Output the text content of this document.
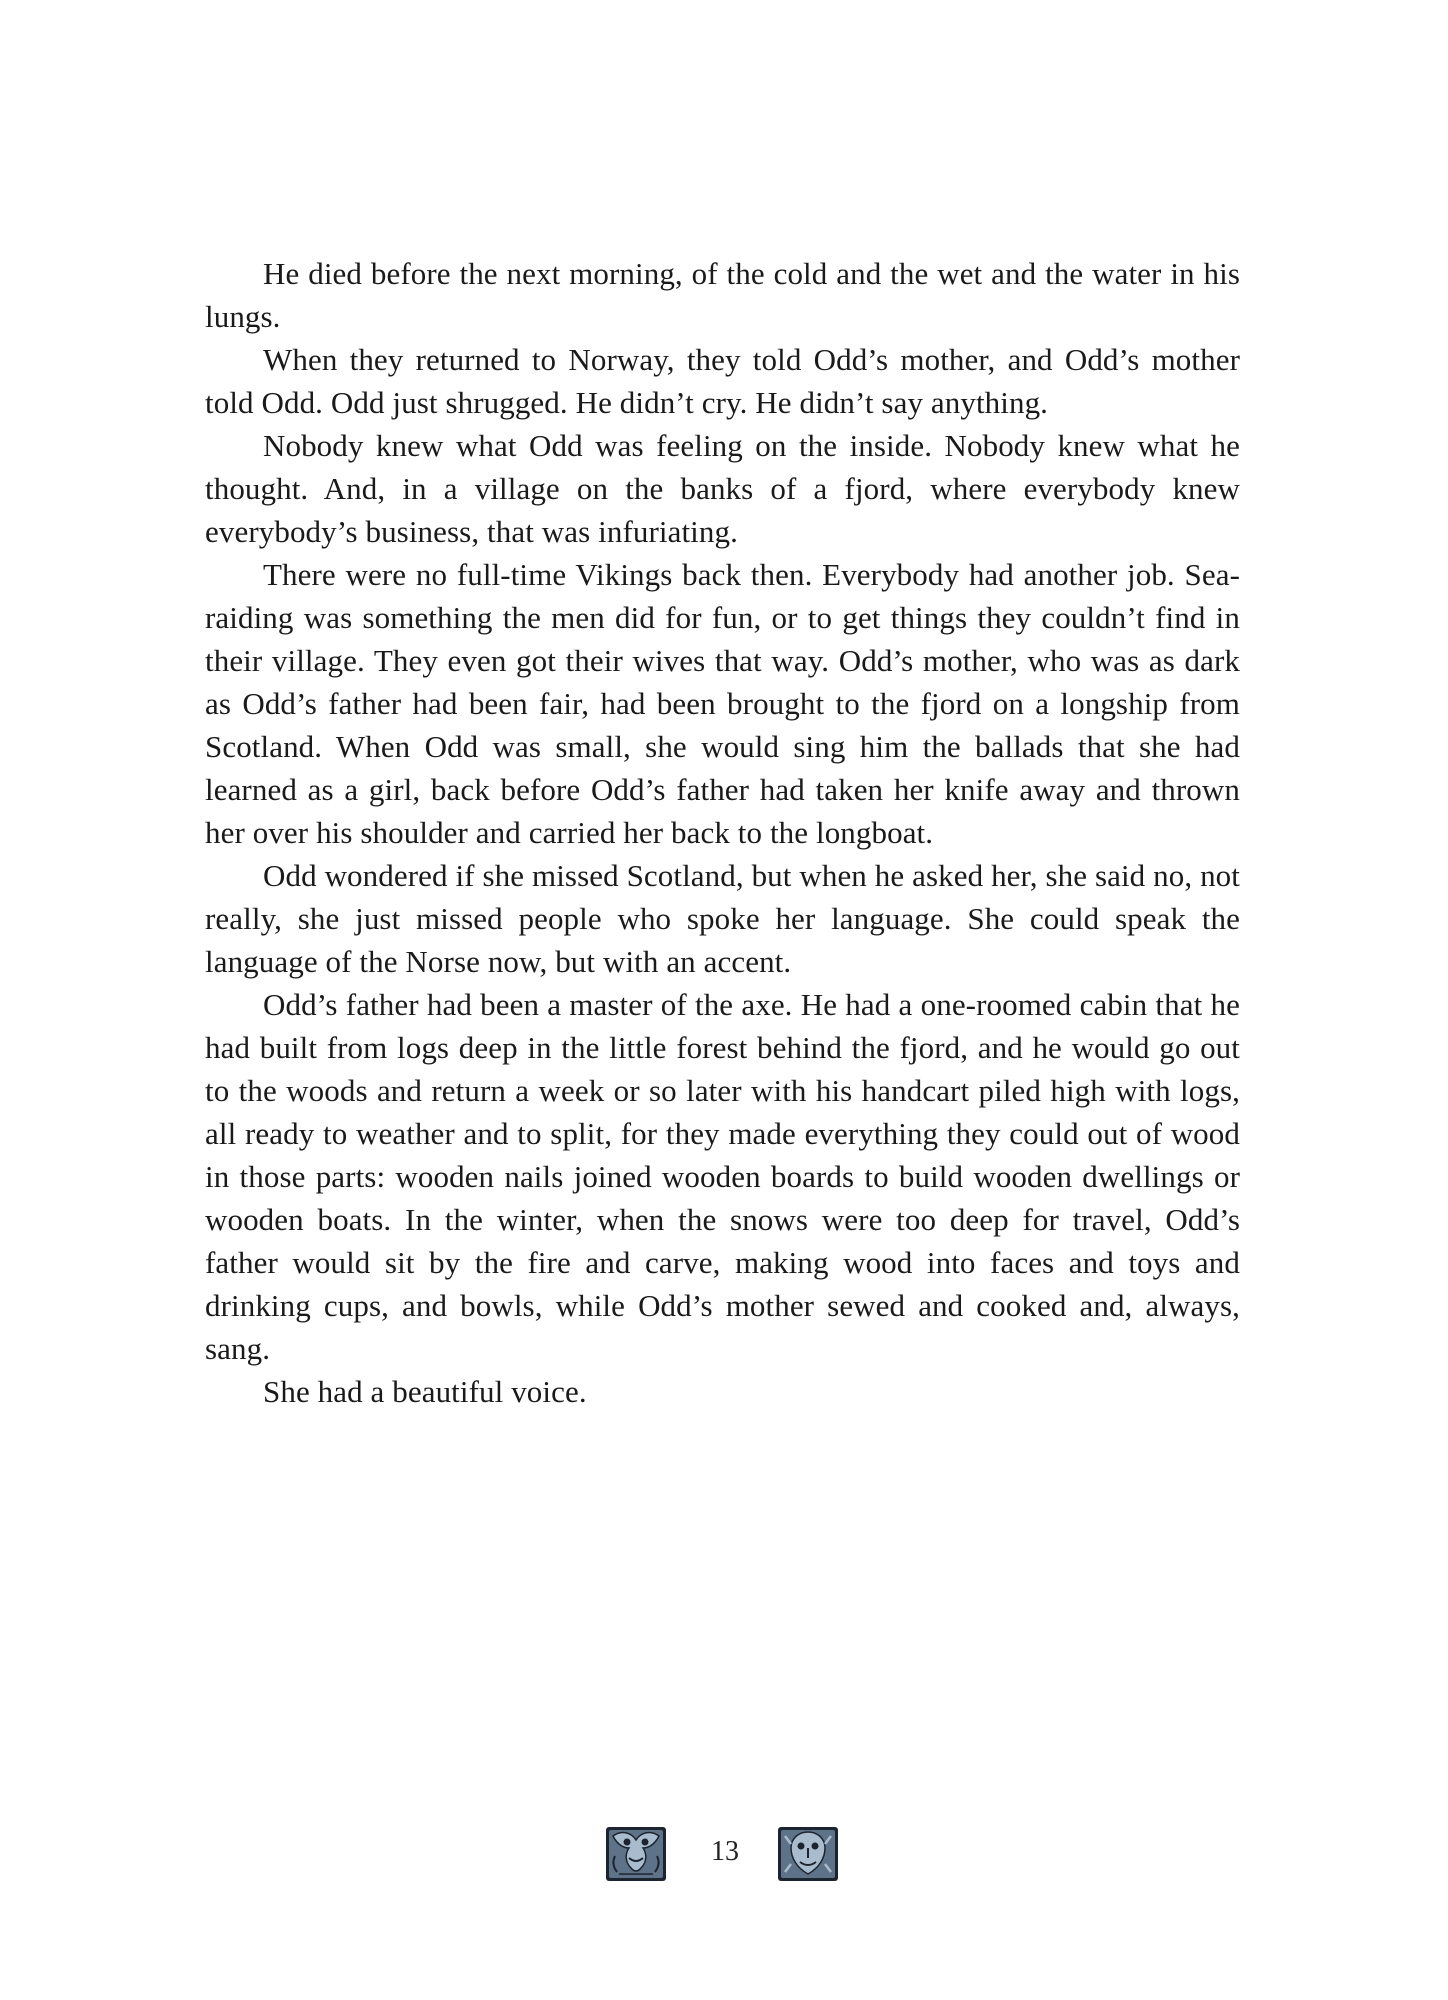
He died before the next morning, of the cold and the wet and the water in his lungs.

When they returned to Norway, they told Odd’s mother, and Odd’s mother told Odd. Odd just shrugged. He didn’t cry. He didn’t say anything.

Nobody knew what Odd was feeling on the inside. Nobody knew what he thought. And, in a village on the banks of a fjord, where everybody knew everybody’s business, that was infuriating.

There were no full-time Vikings back then. Everybody had another job. Sea-raiding was something the men did for fun, or to get things they couldn’t find in their village. They even got their wives that way. Odd’s mother, who was as dark as Odd’s father had been fair, had been brought to the fjord on a longship from Scotland. When Odd was small, she would sing him the ballads that she had learned as a girl, back before Odd’s father had taken her knife away and thrown her over his shoulder and carried her back to the longboat.

Odd wondered if she missed Scotland, but when he asked her, she said no, not really, she just missed people who spoke her language. She could speak the language of the Norse now, but with an accent.

Odd’s father had been a master of the axe. He had a one-roomed cabin that he had built from logs deep in the little forest behind the fjord, and he would go out to the woods and return a week or so later with his handcart piled high with logs, all ready to weather and to split, for they made everything they could out of wood in those parts: wooden nails joined wooden boards to build wooden dwellings or wooden boats. In the winter, when the snows were too deep for travel, Odd’s father would sit by the fire and carve, making wood into faces and toys and drinking cups, and bowls, while Odd’s mother sewed and cooked and, always, sang.

She had a beautiful voice.

13
